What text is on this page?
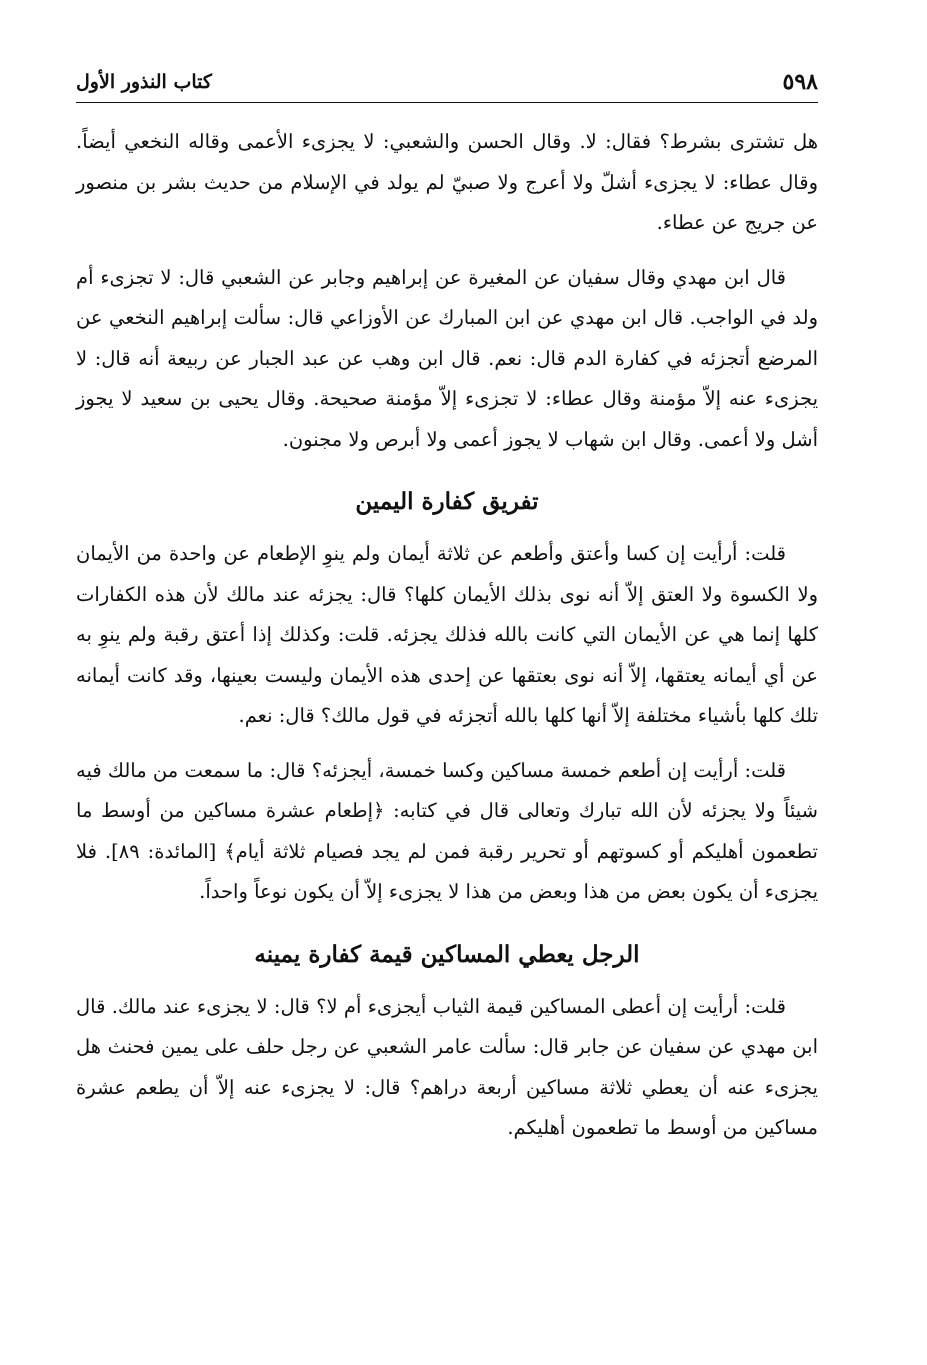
٥٩٨
كتاب النذور الأول

هل تشترى بشرط؟ فقال: لا. وقال الحسن والشعبي: لا يجزىء الأعمى وقاله النخعي أيضاً. وقال عطاء: لا يجزىء أشلّ ولا أعرج ولا صبيّ لم يولد في الإسلام من حديث بشر بن منصور عن جريج عن عطاء.

قال ابن مهدي وقال سفيان عن المغيرة عن إبراهيم وجابر عن الشعبي قال: لا تجزىء أم ولد في الواجب. قال ابن مهدي عن ابن المبارك عن الأوزاعي قال: سألت إبراهيم النخعي عن المرضع أتجزئه في كفارة الدم قال: نعم. قال ابن وهب عن عبد الجبار عن ربيعة أنه قال: لا يجزىء عنه إلاّ مؤمنة وقال عطاء: لا تجزىء إلاّ مؤمنة صحيحة. وقال يحيى بن سعيد لا يجوز أشل ولا أعمى. وقال ابن شهاب لا يجوز أعمى ولا أبرص ولا مجنون.

تفريق كفارة اليمين

قلت: أرأيت إن كسا وأعتق وأطعم عن ثلاثة أيمان ولم ينوِ الإطعام عن واحدة من الأيمان ولا الكسوة ولا العتق إلاّ أنه نوى بذلك الأيمان كلها؟ قال: يجزئه عند مالك لأن هذه الكفارات كلها إنما هي عن الأيمان التي كانت بالله فذلك يجزئه. قلت: وكذلك إذا أعتق رقبة ولم ينوِ به عن أي أيمانه يعتقها، إلاّ أنه نوى بعتقها عن إحدى هذه الأيمان وليست بعينها، وقد كانت أيمانه تلك كلها بأشياء مختلفة إلاّ أنها كلها بالله أتجزئه في قول مالك؟ قال: نعم.

قلت: أرأيت إن أطعم خمسة مساكين وكسا خمسة، أيجزئه؟ قال: ما سمعت من مالك فيه شيئاً ولا يجزئه لأن الله تبارك وتعالى قال في كتابه: ﴿إطعام عشرة مساكين من أوسط ما تطعمون أهليكم أو كسوتهم أو تحرير رقبة فمن لم يجد فصيام ثلاثة أيام﴾ [المائدة: ٨٩]. فلا يجزىء أن يكون بعض من هذا وبعض من هذا لا يجزىء إلاّ أن يكون نوعاً واحداً.

الرجل يعطي المساكين قيمة كفارة يمينه

قلت: أرأيت إن أعطى المساكين قيمة الثياب أيجزىء أم لا؟ قال: لا يجزىء عند مالك. قال ابن مهدي عن سفيان عن جابر قال: سألت عامر الشعبي عن رجل حلف على يمين فحنث هل يجزىء عنه أن يعطي ثلاثة مساكين أربعة دراهم؟ قال: لا يجزىء عنه إلاّ أن يطعم عشرة مساكين من أوسط ما تطعمون أهليكم.
